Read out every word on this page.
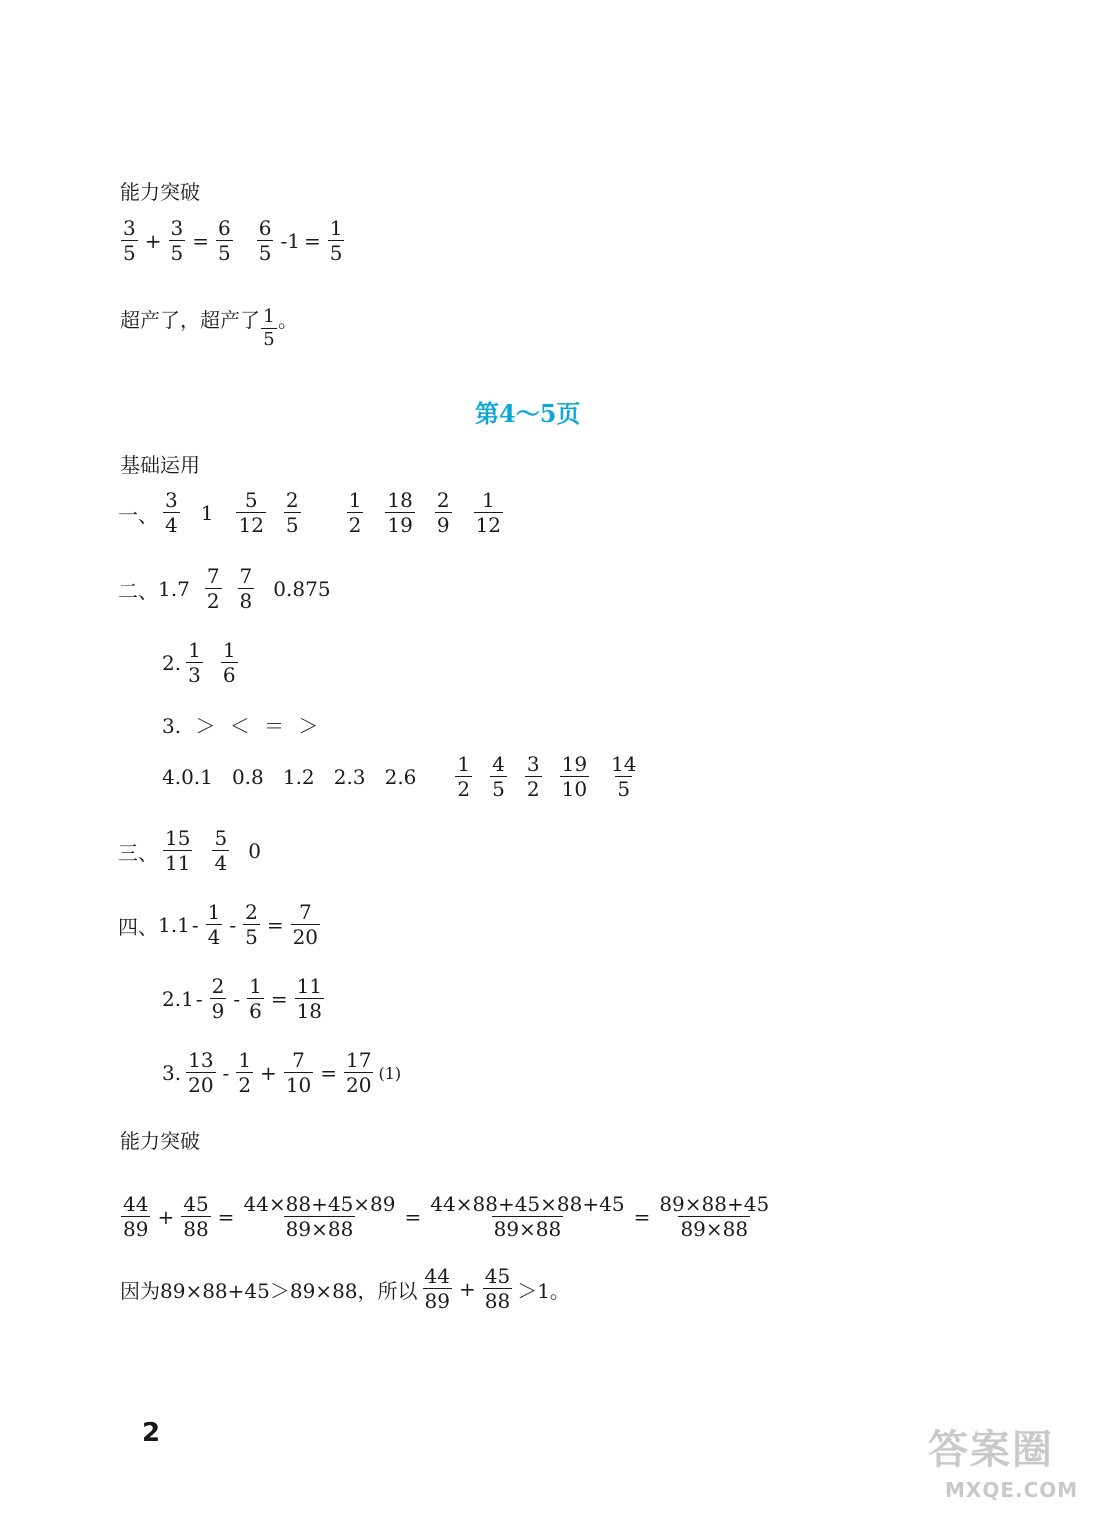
能力突破
$\frac{3}{5} + \frac{3}{5} = \frac{6}{5} \frac{6}{5} -1 = \frac{1}{5}$
超产了，超产了 $\frac{1}{5}$ 。
第4～5页
基础运用
一、 $\frac{3}{4} 1 \frac{5}{12} \frac{2}{5} \frac{1}{2} \frac{18}{19} \frac{2}{9} \frac{1}{12}$
二、 $1.7 \frac{7}{2} \frac{7}{8} 0.875$
2. $\frac{1}{3} \frac{1}{6}$
3. ＞ ＜ ＝ ＞
4.0.1   0.8   1.2   2.3   $2.6 \frac{1}{2} \frac{4}{5} \frac{3}{2} \frac{19}{10} \frac{14}{5}$
三、 $\frac{15}{11} \frac{5}{4} 0$
四、 $1.1 - \frac{1}{4} - \frac{2}{5} = \frac{7}{20}$
$2.1 - \frac{2}{9} - \frac{1}{6} = \frac{11}{18}$
3. $\frac{13}{20} - \frac{1}{2} + \frac{7}{10} = \frac{17}{20} (1)$
能力突破
$\frac{44}{89} + \frac{45}{88} = \frac{44\times 88+45\times 89}{89\times 88} = \frac{44\times 88+45\times 88+45}{89\times 88} = \frac{89\times 88+45}{89\times 88}$
因为89×88+45＞89×88，所以 $\frac{44}{89} + \frac{45}{88} >1$。
2	答案圈
MXQE.COM
